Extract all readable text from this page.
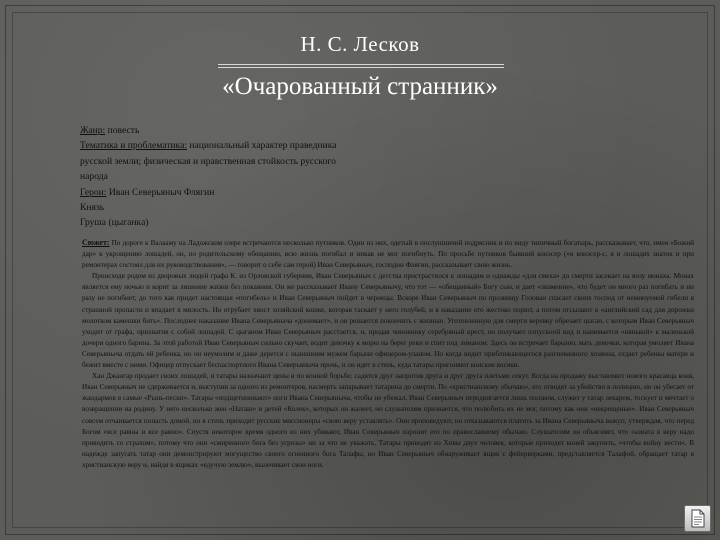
Н. С. Лесков
«Очарованный странник»
Жанр: повесть
Тематика и проблематика: национальный характер праведника русской земли; физическая и нравственная стойкость русского народа
Герои: Иван Северьяныч Флягин
Князь
Грушa (цыганка)

Сюжет: По дороге к Валааму на Ладожском озере встречаются несколько путников. Один из них, одетый в послушничий подрясник и по виду типичный богатырь, рассказывает, что, имея «Божий дар» к укрощению лошадей, он, по родительскому обещанию, всю жизнь погибал и никак не мог погибнуть. По просьбе путников бывший конэсер («я конэсер-с, я в лошадях знаток и при ремонтерах состоял для их руководствования», — говорит о себе сам герой) Иван Северьяныч, господин Флягин, рассказывает свою жизнь.

Происходя родом из дворовых людей графа К. из Орловской губернии, Иван Северьяныч с детства пристрастился к лошадям и однажды «для смеха» до смерти засекает на возу монаха. Монах является ему ночью и корит за лишение жизни без покаяния. Он же рассказывает Ивану Северьянычу, что тот — «обещанный» Богу сын, и дает «знамение», что будет он много раз погибать и ни разу не погибнет, до того как придет настоящая «погибель» и Иван Северьяныч пойдет в чернецы. Вскоре Иван Северьяныч по прозвищу Голован спасает своих господ от неминуемой гибели в страшной пропасти и впадает в милость. Но отрубает хвост хозяйской кошке, которая таскает у него голубей, и в наказание его жестоко порют, а потом отсылают в «английский сад для дорожки молотком камешки бить». Последнее наказание Ивана Северьяныча «донимает», и он решается покончить с жизнью. Уготовленную для смерти веревку обрезает цыган, с которым Иван Северьяныч уходит от графа, прихватив с собой лошадей. С цыганом Иван Северьяныч расстается, и, продав чиновнику серебряный крест, он получает отпускной вид и нанимается «нянькой» к маленькой дочери одного барина. За этой работой Иван Северьяныч сильно скучает, водит девочку к морю на берег реки и спит под лиманом. Здесь он встречает барыню, мать девочки, которая умоляет Ивана Северьяныча отдать ей ребенка, но он неумолим и даже дерется с нынешним мужем барыни офицером-уланом. Но когда видит приближающегося разгневанного хозяина, отдает ребенка матери и бежит вместе с ними. Офицер отпускает беспаспортного Ивана Северьяныча прочь, и он идет в степь, куда татары пригоняют конские косяки.

Хан Джангар продает своих лошадей, и татары назначают цены и по конной борьбе: садятся друг напротив друга и друг друга плетьми секут. Когда на продажу выставляют нового красавца коня, Иван Северьяныч не сдерживается и, выступив за одного из ремонтеров, насмерть запарывает татарина до смерти. По «христианскому обычаю», его отводят за убийство в полицию, но он убегает от жандармов в самые «Рынь-пески». Татары «подщетинивают» ноги Ивана Северьяныча, чтобы не убежал. Иван Северьяныч передвигается лишь ползком, служит у татар лекарем, тоскует и мечтает о возвращении на родину. У него несколько жен «Наташ» и детей «Колек», которых он жалеет, но слушателям признается, что полюбить их не мог, потому как они «некрещеные». Иван Северьяныч совсем отчаивается попасть домой, но в степь приходят русские миссионеры «свою веру уставлять». Они проповедуют, но отказываются платить за Ивана Северьяныча выкуп, утверждая, что перед Богом «все равны и все равно». Спустя некоторое время одного из них убивают, Иван Северьяныч хоронит его по православному обычаю. Слушателям он объясняет, что «азиата в веру надо приводить со страхом», потому что они «смиренного бога без угрозы» ни за что не уважать. Татары приводят из Хивы двух человек, которые приходят коней закупить, «чтобы войну вести». В надежде запугать татар они демонстрируют могущество своего огненного бога Талафы, но Иван Северьяныч обнаруживает ящик с фейерверками, представляется Талафой, обращает татар в христианскую веру и, найдя в ящиках «едучую землю», вылечивает свои ноги.
